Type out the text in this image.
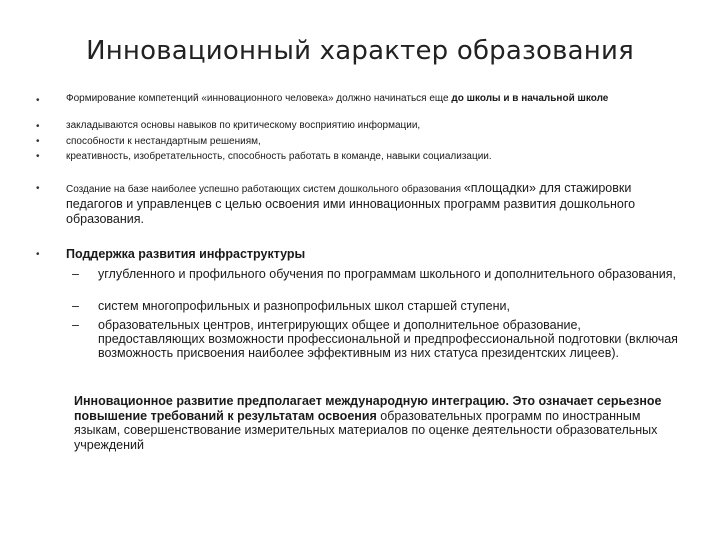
Инновационный характер образования
•
•
•
•
Формирование компетенций «инновационного человека» должно начинаться еще до школы и в начальной школе
закладываются основы навыков по критическому восприятию информации,
способности к нестандартным решениям,
креативность, изобретательность, способность работать в команде, навыки социализации.
•	Создание на базе наиболее успешно работающих систем дошкольного образования «площадки» для стажировки педагогов и управленцев с целью освоения ими инновационных программ развития дошкольного образования.
• Поддержка развития инфраструктуры
– углубленного и профильного обучения по программам школьного и дополнительного образования,
– систем многопрофильных и разнопрофильных школ старшей ступени,
– образовательных центров, интегрирующих общее и дополнительное образование, предоставляющих возможности профессиональной и предпрофессиональной подготовки (включая возможность присвоения наиболее эффективным из них статуса президентских лицеев).
Инновационное развитие предполагает международную интеграцию. Это означает серьезное повышение требований к результатам освоения образовательных программ по иностранным языкам, совершенствование измерительных материалов по оценке деятельности образовательных учреждений
